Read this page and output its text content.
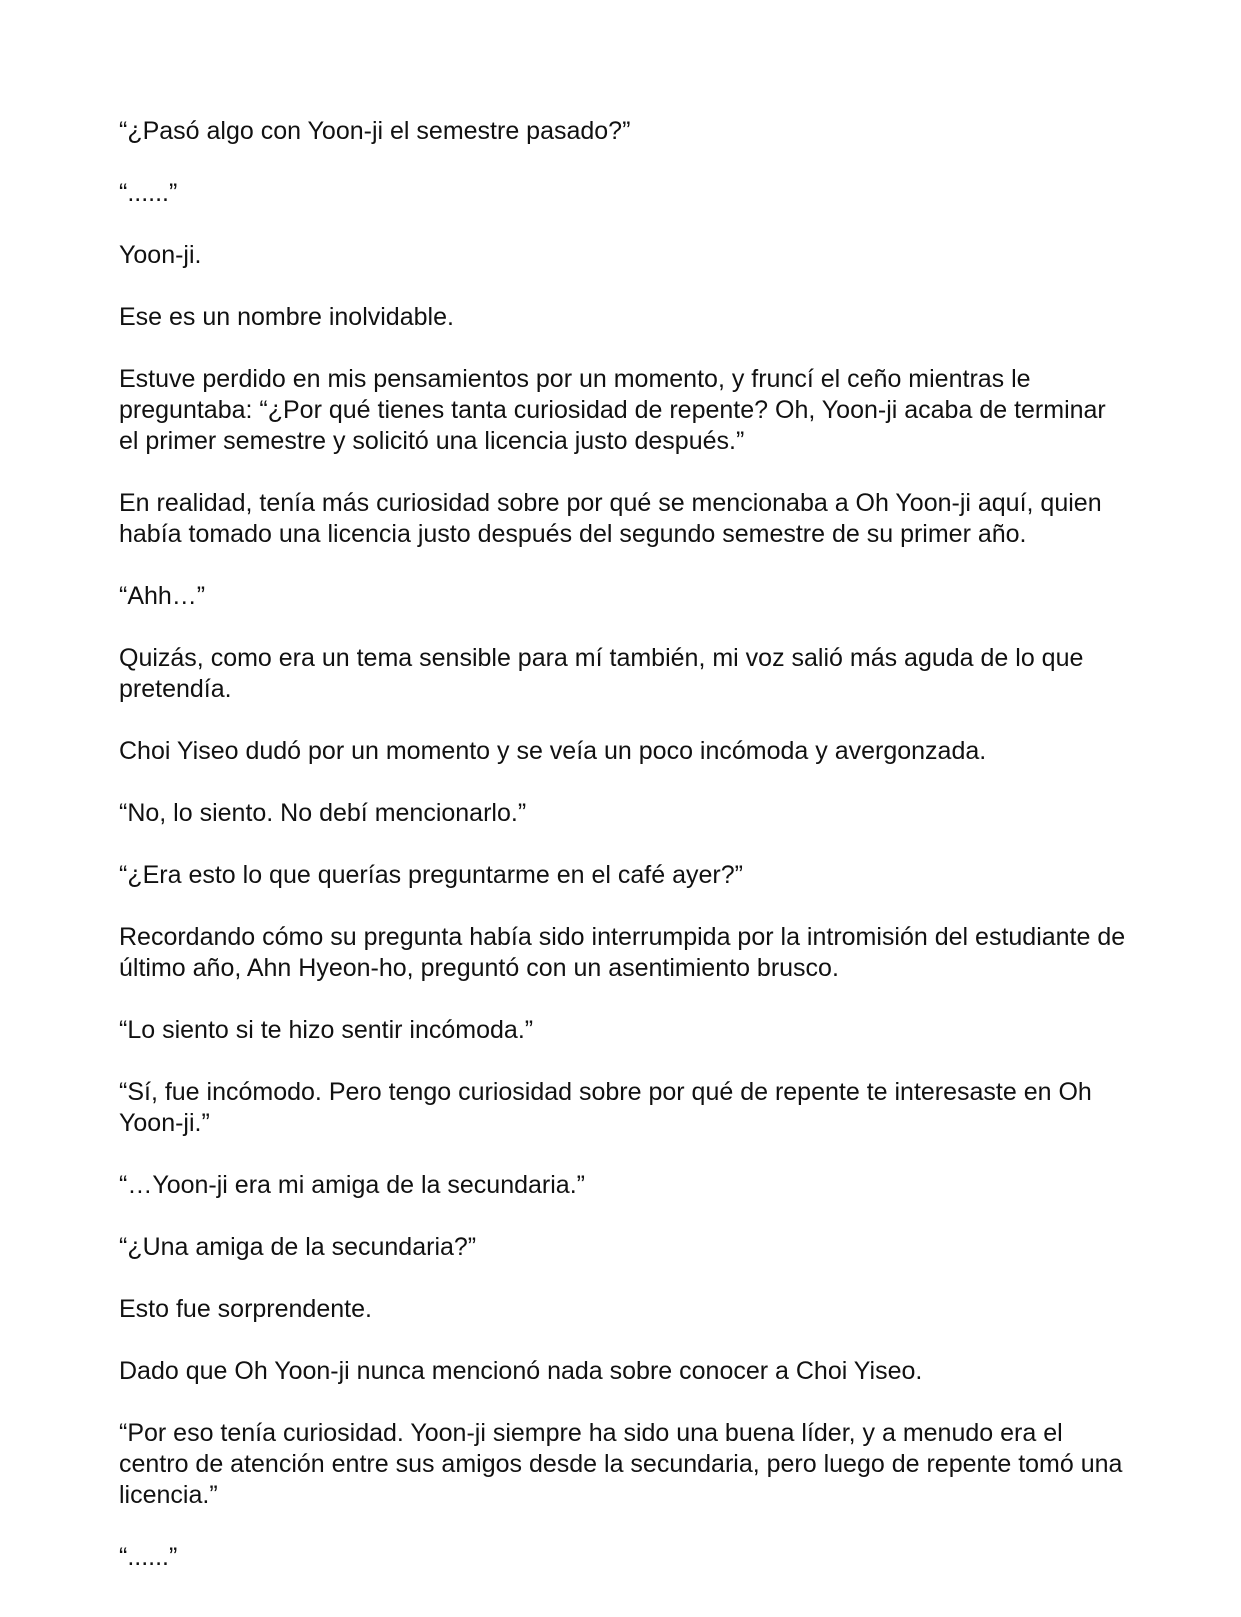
“¿Pasó algo con Yoon-ji el semestre pasado?”

“......”

Yoon-ji.

Ese es un nombre inolvidable.

Estuve perdido en mis pensamientos por un momento, y fruncí el ceño mientras le preguntaba: “¿Por qué tienes tanta curiosidad de repente? Oh, Yoon-ji acaba de terminar el primer semestre y solicitó una licencia justo después.”

En realidad, tenía más curiosidad sobre por qué se mencionaba a Oh Yoon-ji aquí, quien había tomado una licencia justo después del segundo semestre de su primer año.

“Ahh…”

Quizás, como era un tema sensible para mí también, mi voz salió más aguda de lo que pretendía.

Choi Yiseo dudó por un momento y se veía un poco incómoda y avergonzada.

“No, lo siento. No debí mencionarlo.”

“¿Era esto lo que querías preguntarme en el café ayer?”

Recordando cómo su pregunta había sido interrumpida por la intromisión del estudiante de último año, Ahn Hyeon-ho, preguntó con un asentimiento brusco.

“Lo siento si te hizo sentir incómoda.”

“Sí, fue incómodo. Pero tengo curiosidad sobre por qué de repente te interesaste en Oh Yoon-ji.”

“…Yoon-ji era mi amiga de la secundaria.”

“¿Una amiga de la secundaria?”

Esto fue sorprendente.

Dado que Oh Yoon-ji nunca mencionó nada sobre conocer a Choi Yiseo.

“Por eso tenía curiosidad. Yoon-ji siempre ha sido una buena líder, y a menudo era el centro de atención entre sus amigos desde la secundaria, pero luego de repente tomó una licencia.”

“......”
